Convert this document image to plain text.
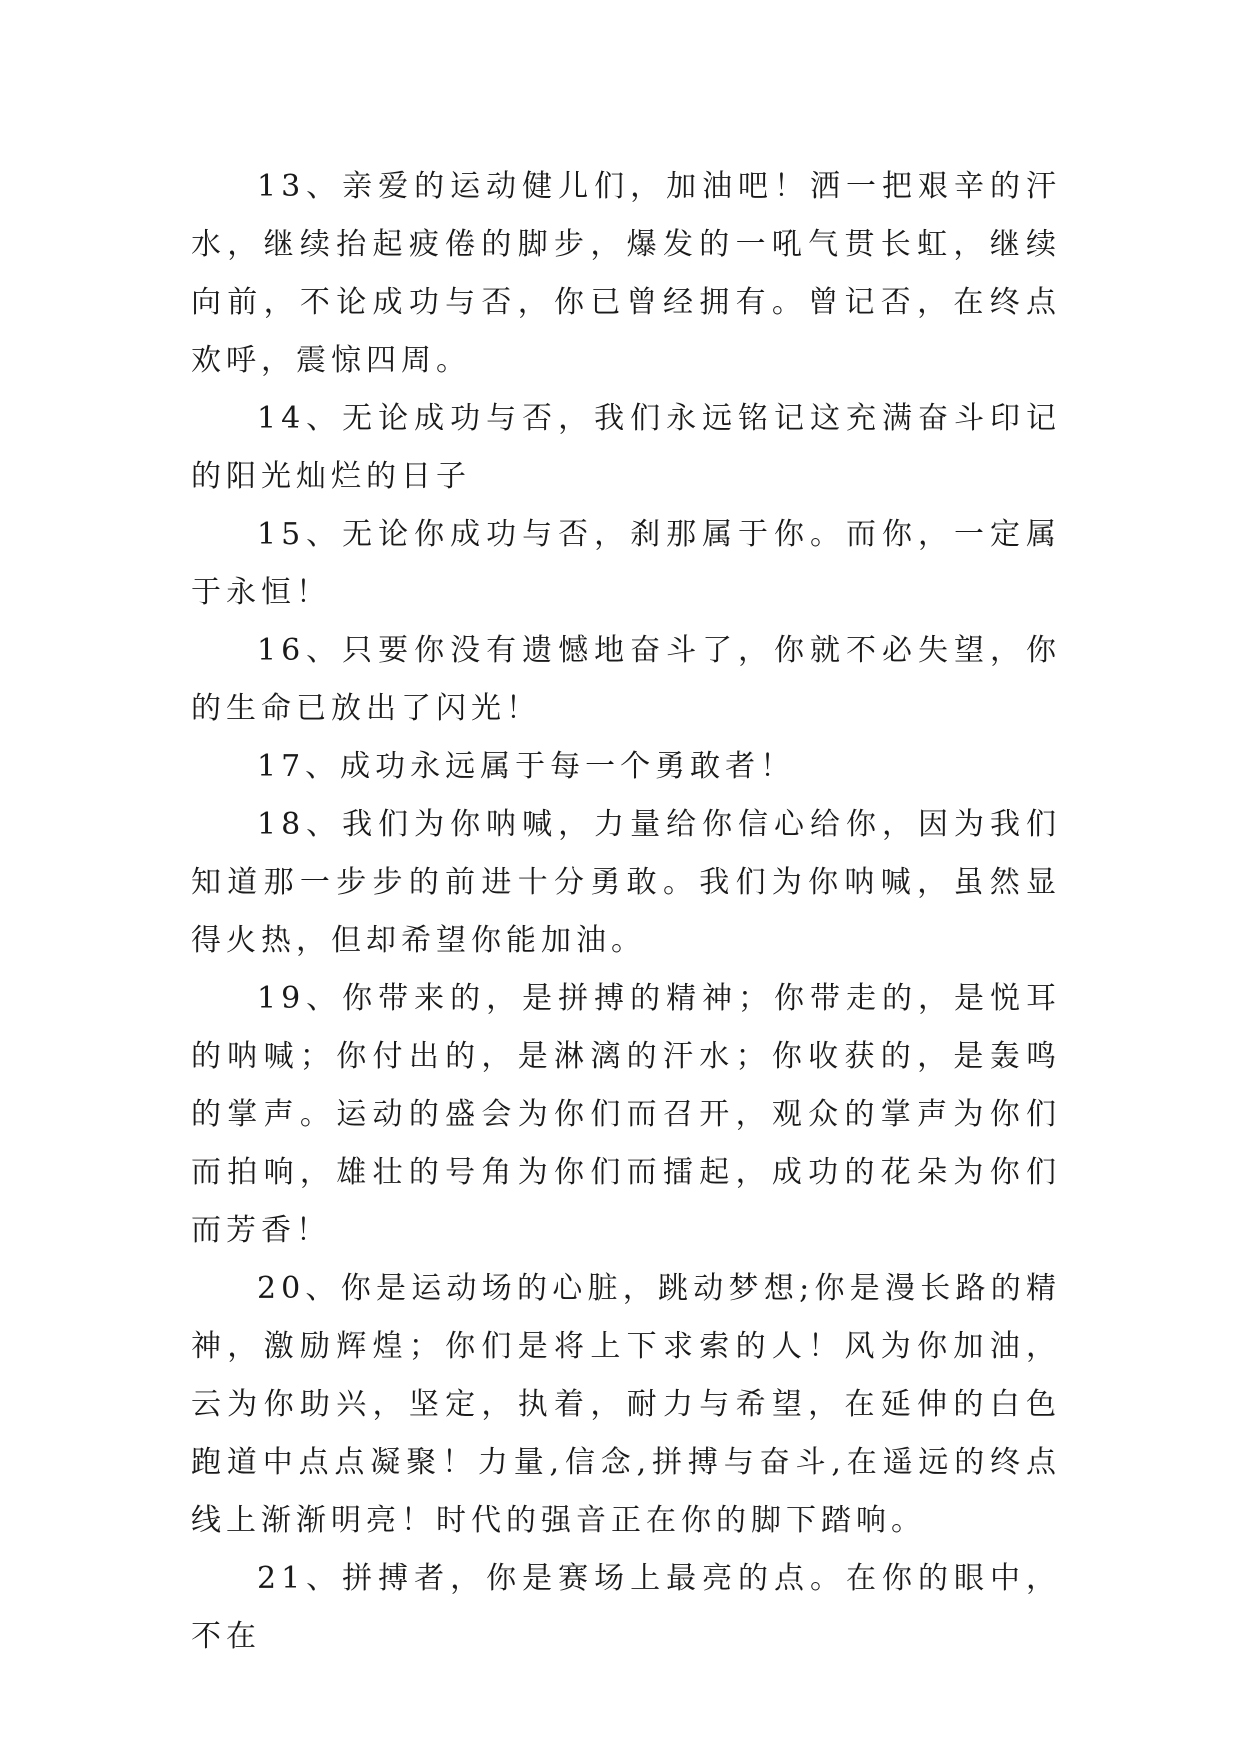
13、亲爱的运动健儿们，加油吧！洒一把艰辛的汗水，继续抬起疲倦的脚步，爆发的一吼气贯长虹，继续向前，不论成功与否，你已曾经拥有。曾记否，在终点欢呼，震惊四周。

14、无论成功与否，我们永远铭记这充满奋斗印记的阳光灿烂的日子

15、无论你成功与否，刹那属于你。而你，一定属于永恒！

16、只要你没有遗憾地奋斗了，你就不必失望，你的生命已放出了闪光！

17、成功永远属于每一个勇敢者！

18、我们为你呐喊，力量给你信心给你，因为我们知道那一步步的前进十分勇敢。我们为你呐喊，虽然显得火热，但却希望你能加油。

19、你带来的，是拼搏的精神；你带走的，是悦耳的呐喊；你付出的，是淋漓的汗水；你收获的，是轰鸣的掌声。运动的盛会为你们而召开，观众的掌声为你们而拍响，雄壮的号角为你们而擂起，成功的花朵为你们而芳香！

20、你是运动场的心脏，跳动梦想;你是漫长路的精神，激励辉煌；你们是将上下求索的人！风为你加油，云为你助兴，坚定，执着，耐力与希望，在延伸的白色跑道中点点凝聚！力量,信念,拼搏与奋斗,在遥远的终点线上渐渐明亮！时代的强音正在你的脚下踏响。

21、拼搏者，你是赛场上最亮的点。在你的眼中，不在
